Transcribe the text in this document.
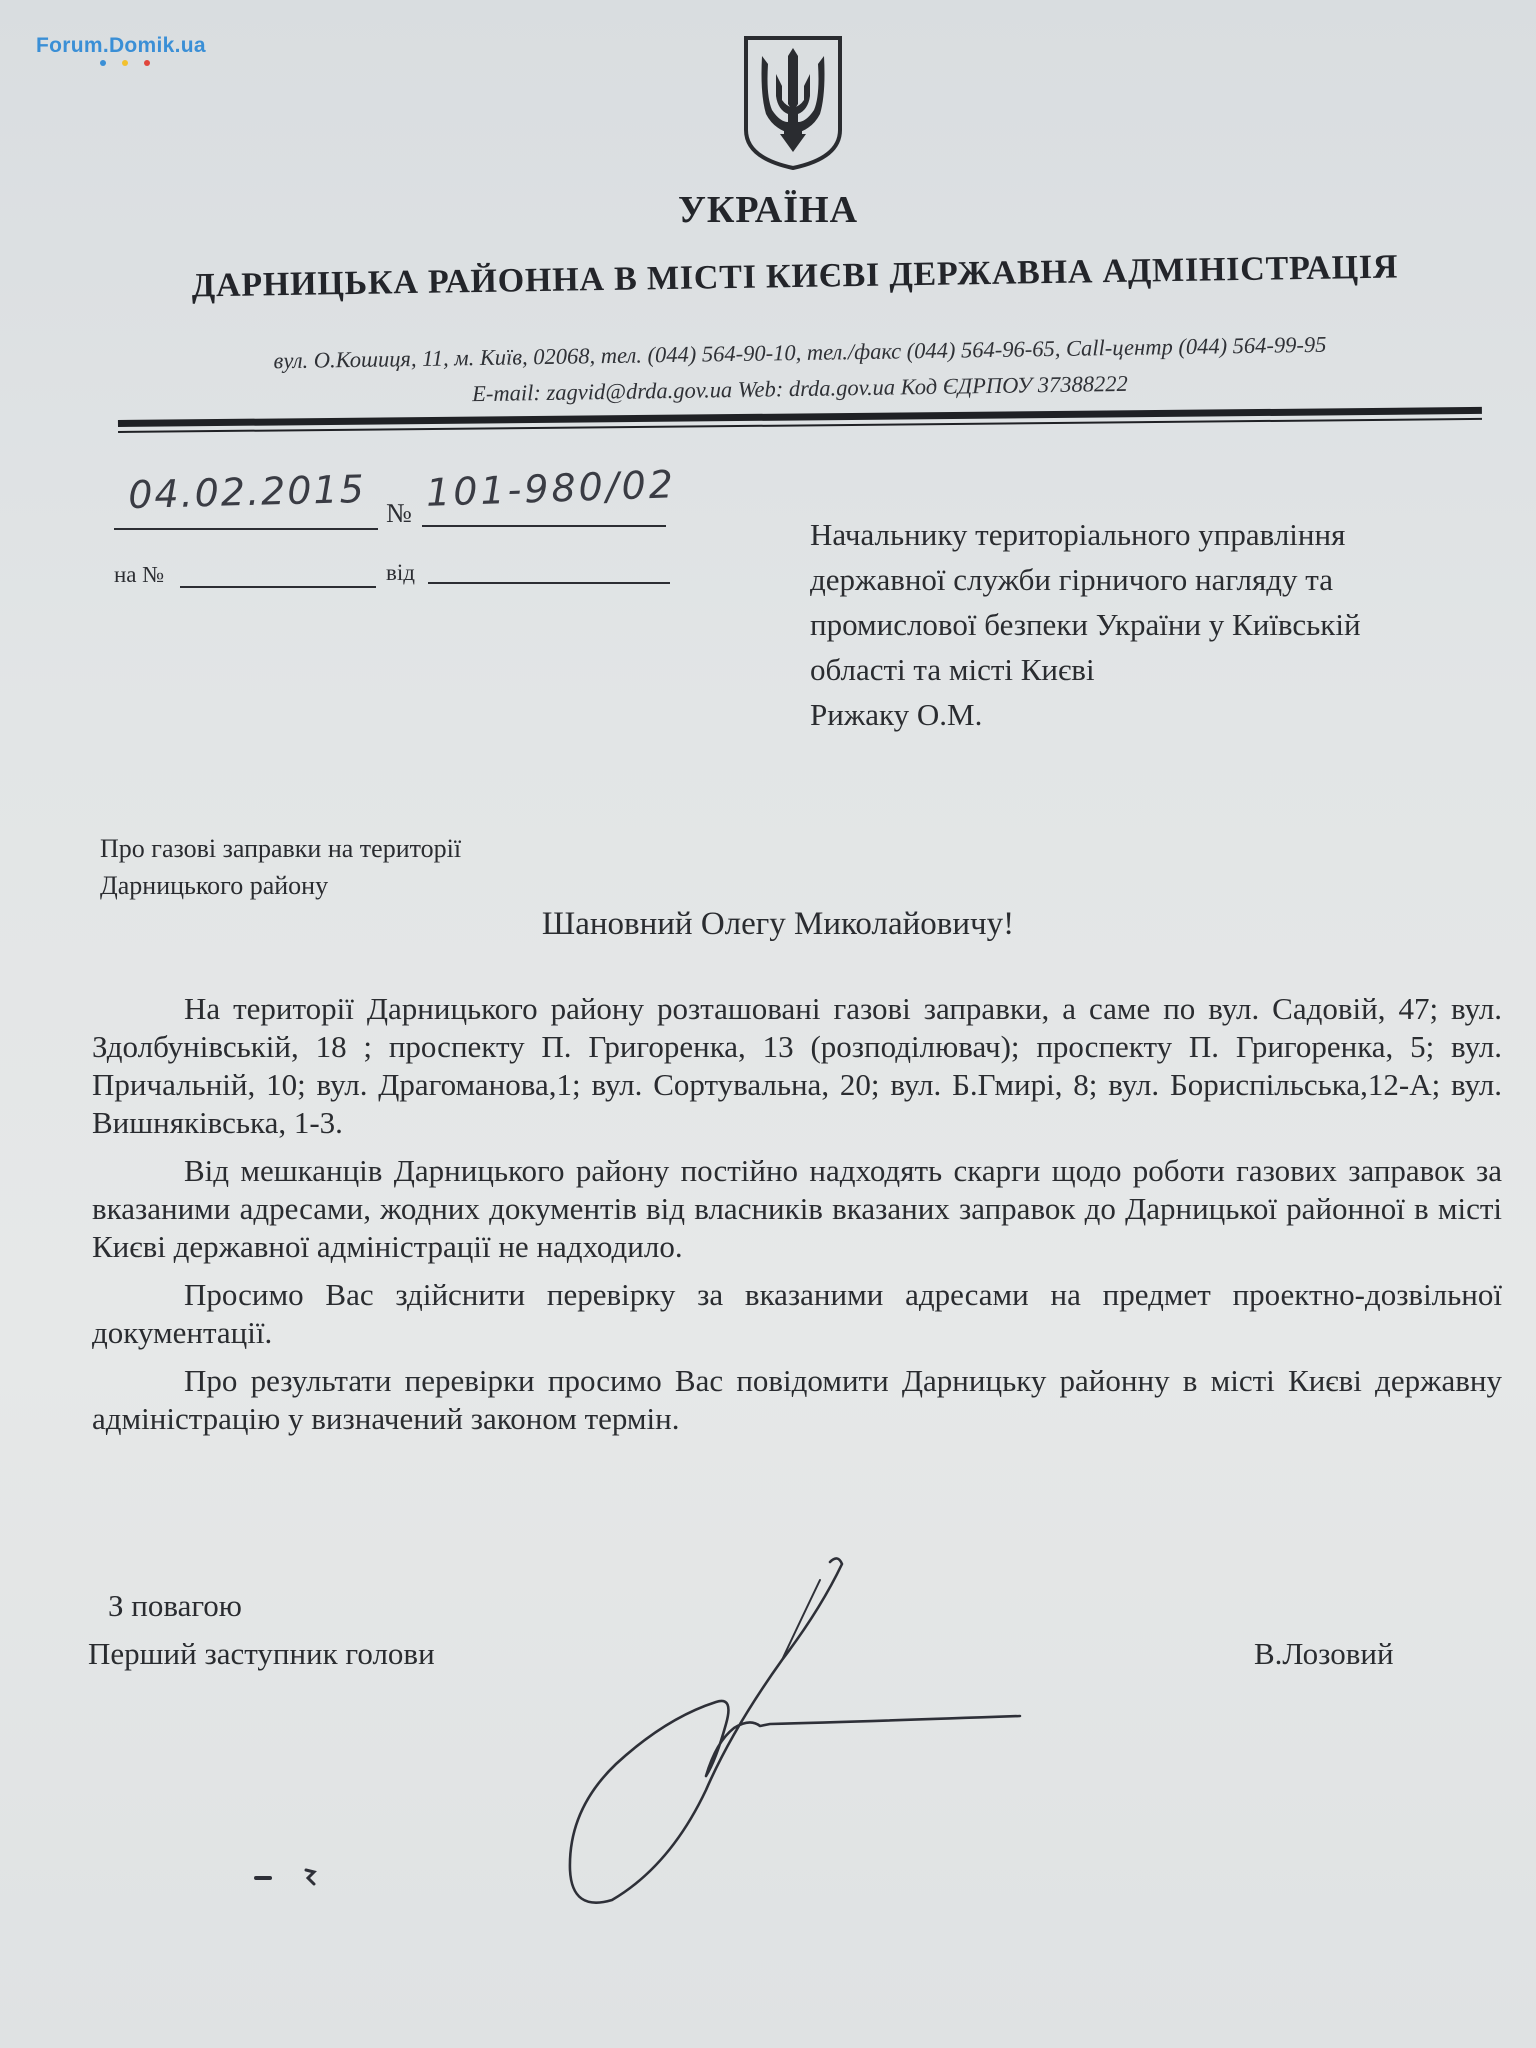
Forum.Domik.ua
УКРАЇНА
ДАРНИЦЬКА РАЙОННА В МІСТІ КИЄВІ ДЕРЖАВНА АДМІНІСТРАЦІЯ
вул. О.Кошиця, 11, м. Київ, 02068, тел. (044) 564-90-10, тел./факс (044) 564-96-65, Call-центр (044) 564-99-95
E-mail: zagvid@drda.gov.ua Web: drda.gov.ua Код ЄДРПОУ 37388222
04.02.2015 № 101-980/02
на №	від
Начальнику територіального управління
державної служби гірничого нагляду та
промислової безпеки України у Київській
області та місті Києві
Рижаку О.М.
Про газові заправки на території
Дарницького району
Шановний Олегу Миколайовичу!

На території Дарницького району розташовані газові заправки, а саме по вул. Садовій, 47; вул. Здолбунівській, 18 ; проспекту П. Григоренка, 13 (розподілювач); проспекту П. Григоренка, 5; вул. Причальній, 10; вул. Драгоманова,1; вул. Сортувальна, 20; вул. Б.Гмирі, 8; вул. Бориспільська,12-А; вул. Вишняківська, 1-3.

Від мешканців Дарницького району постійно надходять скарги щодо роботи газових заправок за вказаними адресами, жодних документів від власників вказаних заправок до Дарницької районної в місті Києві державної адміністрації не надходило.

Просимо Вас здійснити перевірку за вказаними адресами на предмет проектно-дозвільної документації.

Про результати перевірки просимо Вас повідомити Дарницьку районну в місті Києві державну адміністрацію у визначений законом термін.

З повагою
Перший заступник голови	В.Лозовий
